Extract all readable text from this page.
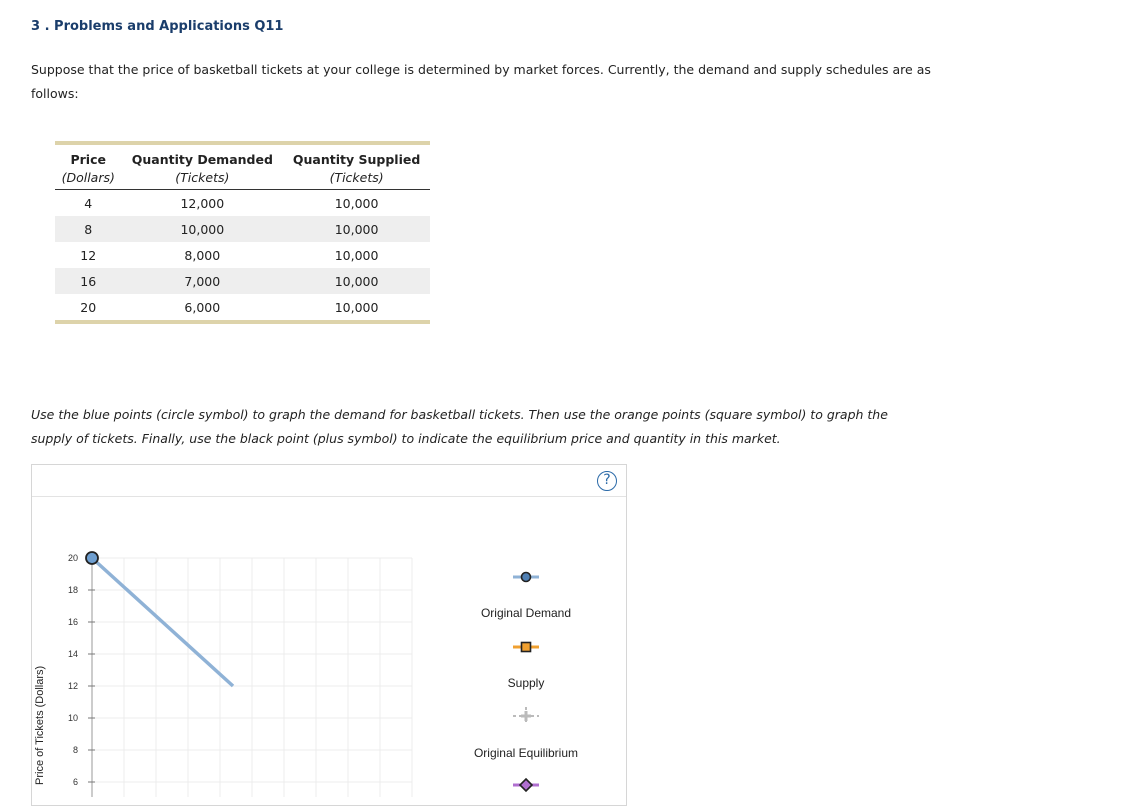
3 . Problems and Applications Q11
Suppose that the price of basketball tickets at your college is determined by market forces. Currently, the demand and supply schedules are as follows:
Price	Quantity Demanded	Quantity Supplied
(Dollars)	(Tickets)	(Tickets)
4	12,000	10,000
8	10,000	10,000
12	8,000	10,000
16	7,000	10,000
20	6,000	10,000
Use the blue points (circle symbol) to graph the demand for basketball tickets. Then use the orange points (square symbol) to graph the supply of tickets. Finally, use the black point (plus symbol) to indicate the equilibrium price and quantity in this market.
?
Price of Tickets (Dollars)
20
18
16
14
12
10
8
6
Original Demand
Supply
Original Equilibrium
